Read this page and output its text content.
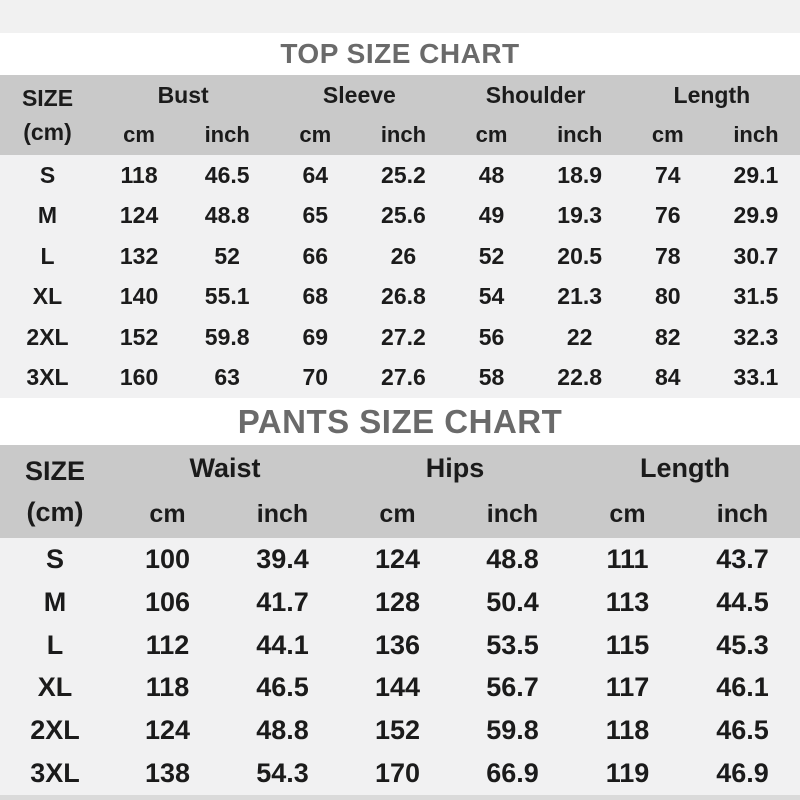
TOP SIZE CHART
SIZE
(cm)
Bust	Sleeve	Shoulder	Length
cm	inch	cm	inch	cm	inch	cm	inch
S	118	46.5	64	25.2	48	18.9	74	29.1
M	124	48.8	65	25.6	49	19.3	76	29.9
L	132	52	66	26	52	20.5	78	30.7
XL	140	55.1	68	26.8	54	21.3	80	31.5
2XL	152	59.8	69	27.2	56	22	82	32.3
3XL	160	63	70	27.6	58	22.8	84	33.1
PANTS SIZE CHART
SIZE
(cm)
Waist	Hips	Length
cm	inch	cm	inch	cm	inch
S	100	39.4	124	48.8	111	43.7
M	106	41.7	128	50.4	113	44.5
L	112	44.1	136	53.5	115	45.3
XL	118	46.5	144	56.7	117	46.1
2XL	124	48.8	152	59.8	118	46.5
3XL	138	54.3	170	66.9	119	46.9
